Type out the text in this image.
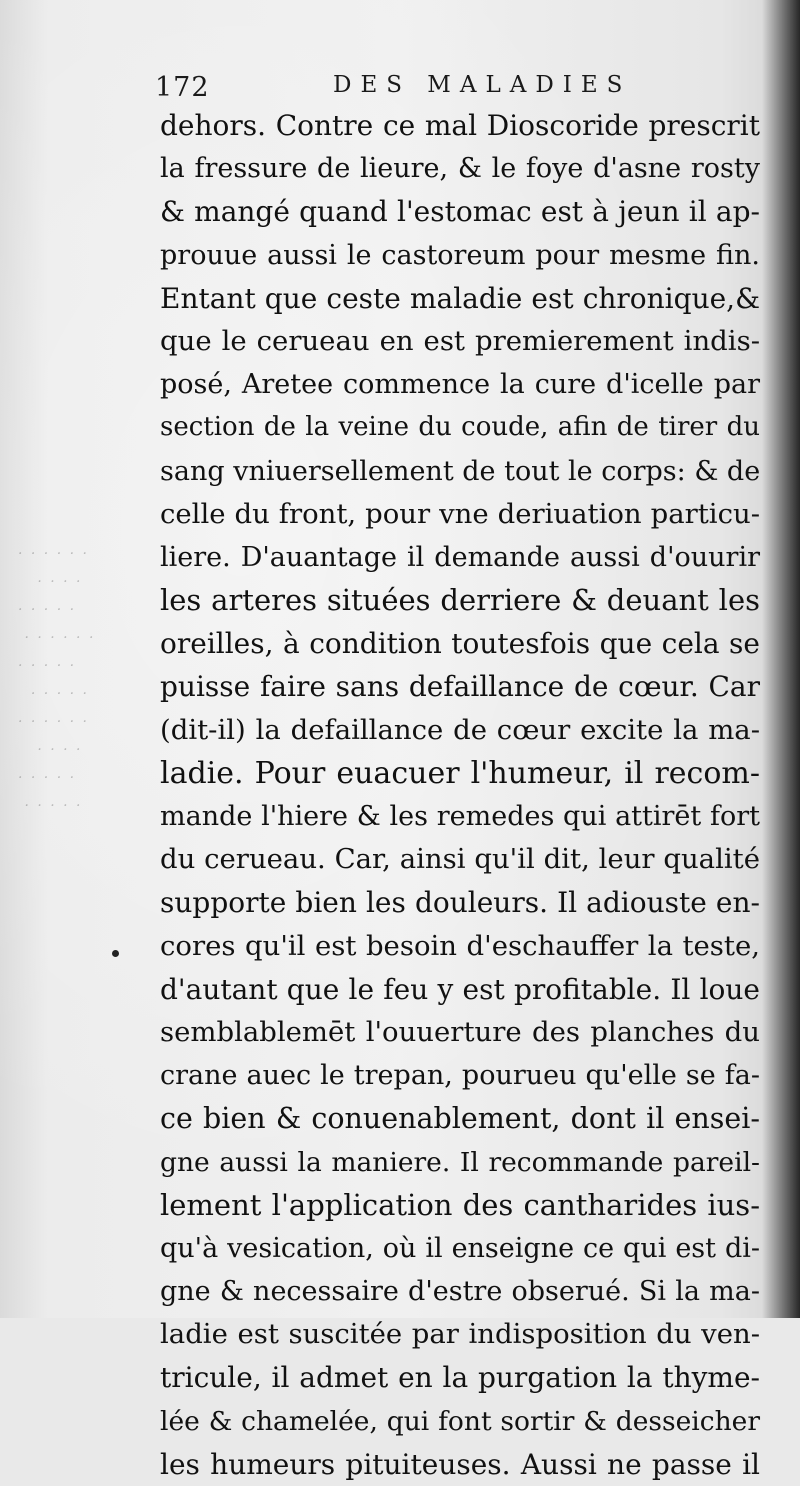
· · · · · ·
· · · ·
· · · · ·
· · · · · ·
· · · · ·
· · · · ·
· · · · · ·
· · · ·
· · · · ·
· · · · ·
172	DES MALADIES
dehors. Contre ce mal Dioscoride prescrit
la fressure de lieure, & le foye d'asne rosty
& mangé quand l'estomac est à jeun il ap-
prouue aussi le castoreum pour mesme fin.
Entant que ceste maladie est chronique,&
que le cerueau en est premierement indis-
posé, Aretee commence la cure d'icelle par
section de la veine du coude, afin de tirer du
sang vniuersellement de tout le corps: & de
celle du front, pour vne deriuation particu-
liere. D'auantage il demande aussi d'ouurir
les arteres situées derriere & deuant les
oreilles, à condition toutesfois que cela se
puisse faire sans defaillance de cœur. Car
(dit-il) la defaillance de cœur excite la ma-
ladie. Pour euacuer l'humeur, il recom-
mande l'hiere & les remedes qui attirēt fort
du cerueau. Car, ainsi qu'il dit, leur qualité
supporte bien les douleurs. Il adiouste en-
cores qu'il est besoin d'eschauffer la teste,
d'autant que le feu y est profitable. Il loue
semblablemēt l'ouuerture des planches du
crane auec le trepan, pourueu qu'elle se fa-
ce bien & conuenablement, dont il ensei-
gne aussi la maniere. Il recommande pareil-
lement l'application des cantharides ius-
qu'à vesication, où il enseigne ce qui est di-
gne & necessaire d'estre obserué. Si la ma-
ladie est suscitée par indisposition du ven-
tricule, il admet en la purgation la thyme-
lée & chamelée, qui font sortir & desseicher
les humeurs pituiteuses. Aussi ne passe il
